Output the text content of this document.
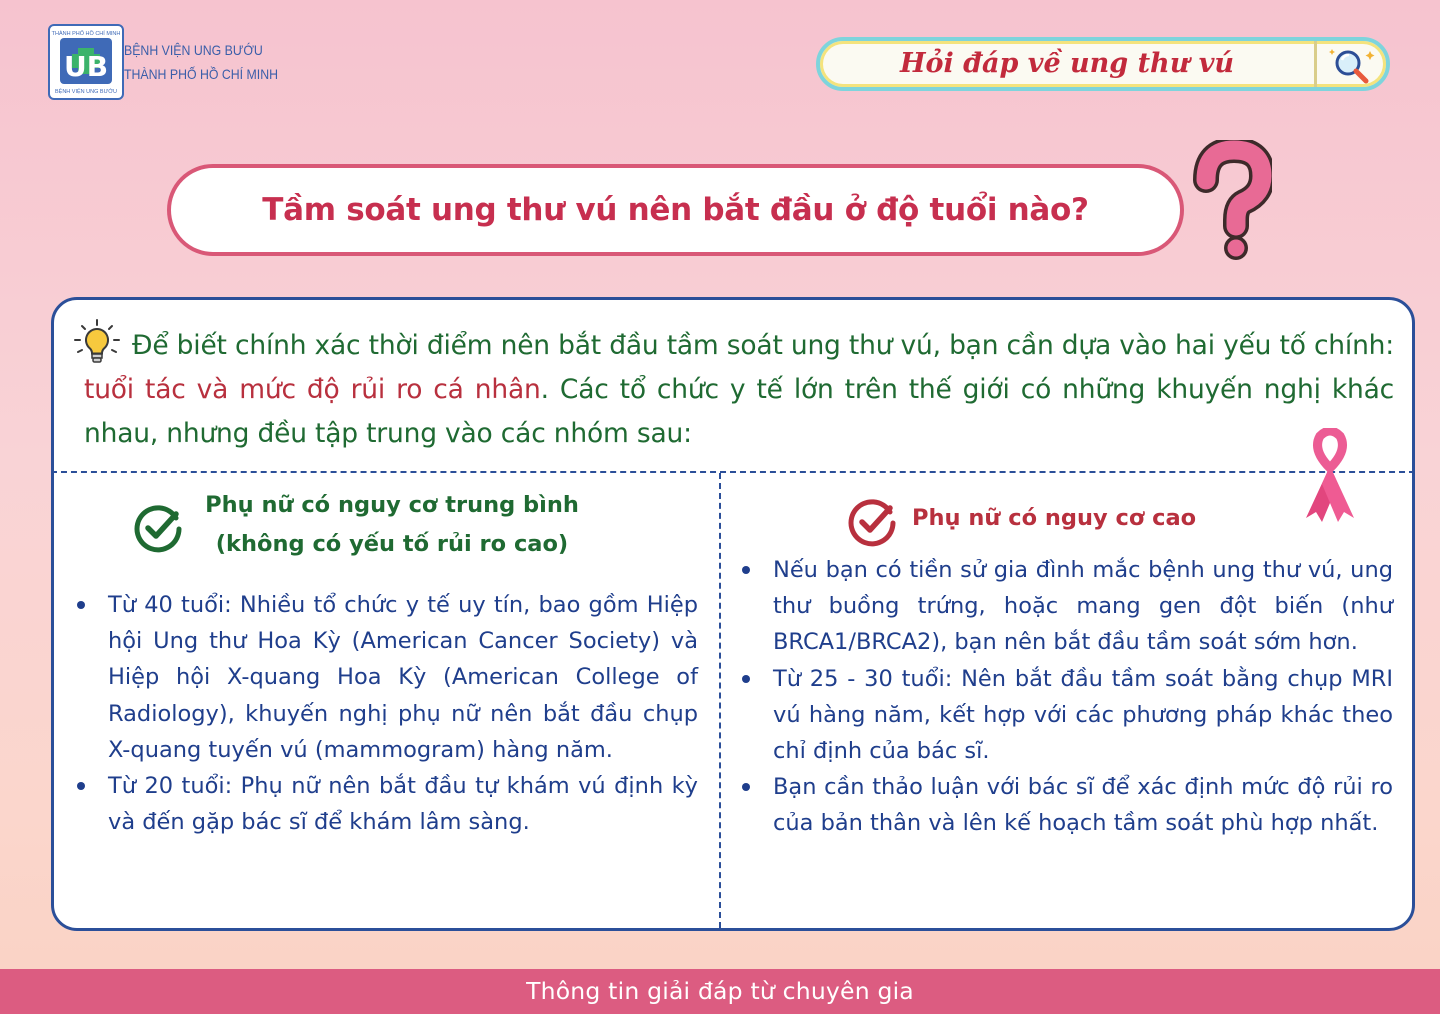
THÀNH PHỐ HỒ CHÍ MINH
UB
BỆNH VIỆN UNG BƯỚU
BỆNH VIỆN UNG BƯỚU
THÀNH PHỐ HỒ CHÍ MINH	Hỏi đáp về ung thư vú
Tầm soát ung thư vú nên bắt đầu ở độ tuổi nào?

Để biết chính xác thời điểm nên bắt đầu tầm soát ung thư vú, bạn cần dựa vào hai yếu tố chính: tuổi tác và mức độ rủi ro cá nhân. Các tổ chức y tế lớn trên thế giới có những khuyến nghị khác nhau, nhưng đều tập trung vào các nhóm sau:

Phụ nữ có nguy cơ trung bình
(không có yếu tố rủi ro cao)
Từ 40 tuổi: Nhiều tổ chức y tế uy tín, bao gồm Hiệp hội Ung thư Hoa Kỳ (American Cancer Society) và Hiệp hội X-quang Hoa Kỳ (American College of Radiology), khuyến nghị phụ nữ nên bắt đầu chụp X-quang tuyến vú (mammogram) hàng năm.
Từ 20 tuổi: Phụ nữ nên bắt đầu tự khám vú định kỳ và đến gặp bác sĩ để khám lâm sàng.
Phụ nữ có nguy cơ cao
Nếu bạn có tiền sử gia đình mắc bệnh ung thư vú, ung thư buồng trứng, hoặc mang gen đột biến (như BRCA1/BRCA2), bạn nên bắt đầu tầm soát sớm hơn.
Từ 25 - 30 tuổi: Nên bắt đầu tầm soát bằng chụp MRI vú hàng năm, kết hợp với các phương pháp khác theo chỉ định của bác sĩ.
Bạn cần thảo luận với bác sĩ để xác định mức độ rủi ro của bản thân và lên kế hoạch tầm soát phù hợp nhất.
Thông tin giải đáp từ chuyên gia
